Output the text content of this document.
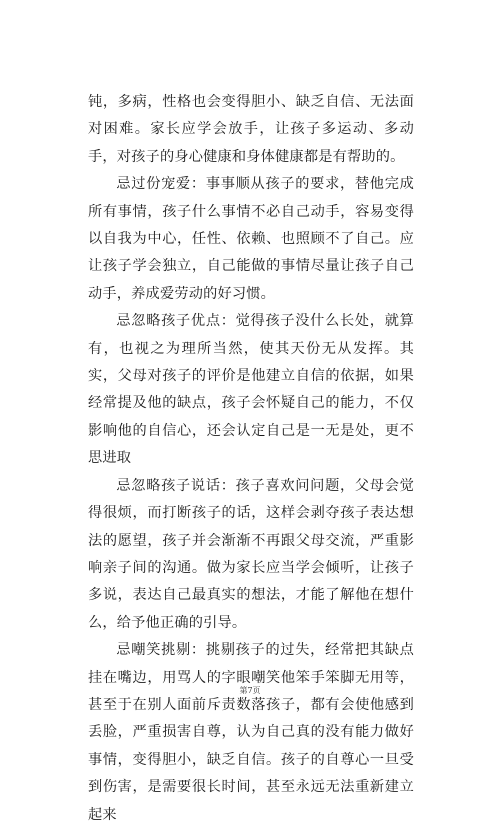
钝，多病，性格也会变得胆小、缺乏自信、无法面对困难。家长应学会放手，让孩子多运动、多动手，对孩子的身心健康和身体健康都是有帮助的。

忌过份宠爱：事事顺从孩子的要求，替他完成所有事情，孩子什么事情不必自己动手，容易变得以自我为中心，任性、依赖、也照顾不了自己。应让孩子学会独立，自己能做的事情尽量让孩子自己动手，养成爱劳动的好习惯。

忌忽略孩子优点：觉得孩子没什么长处，就算有，也视之为理所当然，使其天份无从发挥。其实，父母对孩子的评价是他建立自信的依据，如果经常提及他的缺点，孩子会怀疑自己的能力，不仅影响他的自信心，还会认定自己是一无是处，更不思进取

忌忽略孩子说话：孩子喜欢问问题，父母会觉得很烦，而打断孩子的话，这样会剥夺孩子表达想法的愿望，孩子并会渐渐不再跟父母交流，严重影响亲子间的沟通。做为家长应当学会倾听，让孩子多说，表达自己最真实的想法，才能了解他在想什么，给予他正确的引导。

忌嘲笑挑剔：挑剔孩子的过失，经常把其缺点挂在嘴边，用骂人的字眼嘲笑他笨手笨脚无用等，甚至于在别人面前斥责数落孩子，都有会使他感到丢脸，严重损害自尊，认为自己真的没有能力做好事情，变得胆小，缺乏自信。孩子的自尊心一旦受到伤害，是需要很长时间，甚至永远无法重新建立起来

第7页
